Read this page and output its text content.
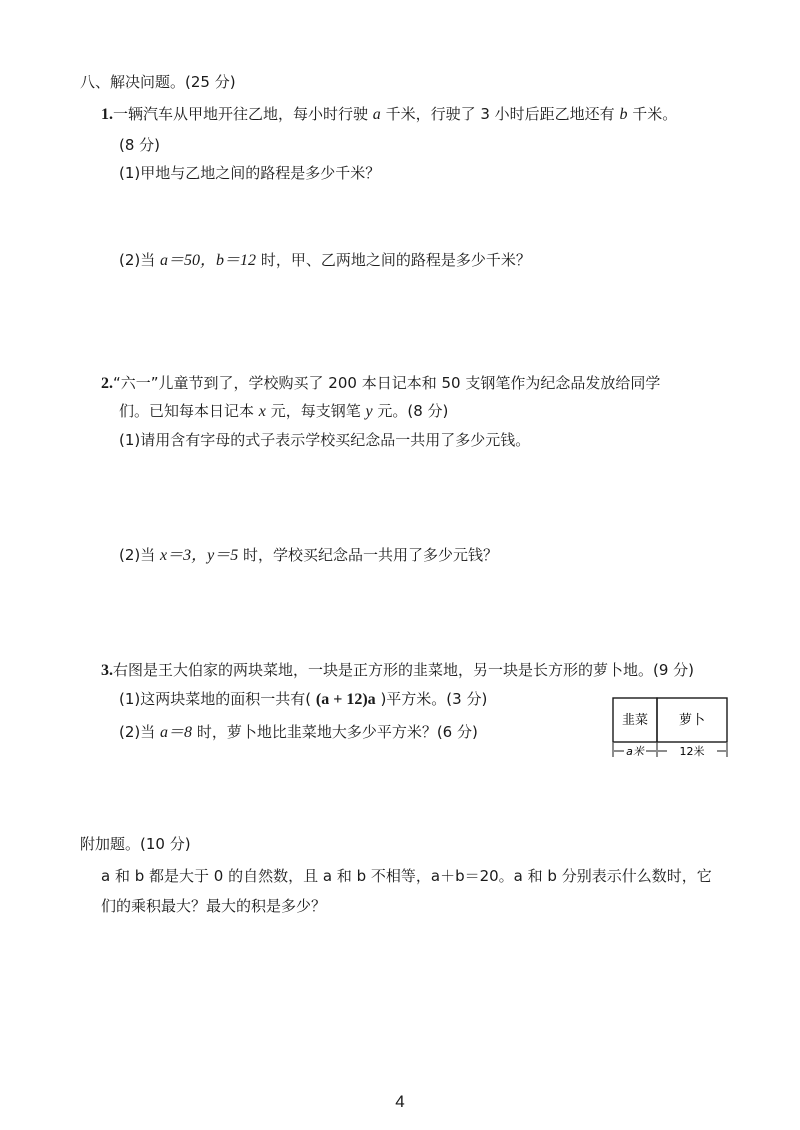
八、解决问题。(25 分)
1.一辆汽车从甲地开往乙地，每小时行驶 a 千米，行驶了 3 小时后距乙地还有 b 千米。
(8 分)
(1)甲地与乙地之间的路程是多少千米？
(2)当 a＝50，b＝12 时，甲、乙两地之间的路程是多少千米？
2.“六一”儿童节到了，学校购买了 200 本日记本和 50 支钢笔作为纪念品发放给同学
们。已知每本日记本 x 元，每支钢笔 y 元。(8 分)
(1)请用含有字母的式子表示学校买纪念品一共用了多少元钱。
(2)当 x＝3，y＝5 时，学校买纪念品一共用了多少元钱？
3.右图是王大伯家的两块菜地，一块是正方形的韭菜地，另一块是长方形的萝卜地。(9 分)
(1)这两块菜地的面积一共有( (a + 12)a )平方米。(3 分)
(2)当 a＝8 时，萝卜地比韭菜地大多少平方米？(6 分)
韭菜 萝卜
a米	12米
附加题。(10 分)
a 和 b 都是大于 0 的自然数，且 a 和 b 不相等，a＋b＝20。a 和 b 分别表示什么数时，它
们的乘积最大？最大的积是多少？
4
